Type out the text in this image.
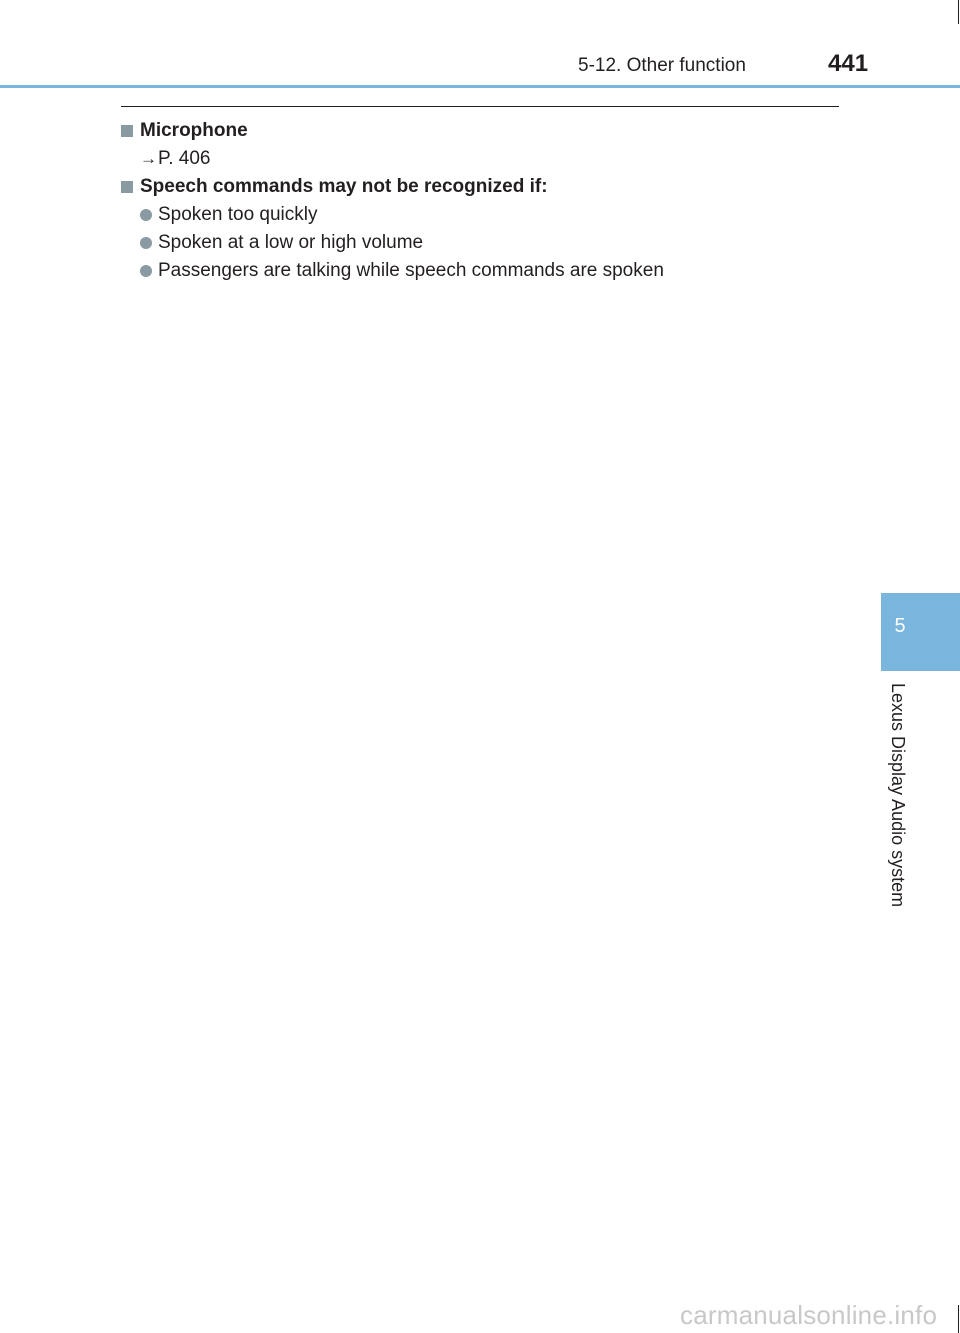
5-12. Other function	441
Microphone
→ P. 406
Speech commands may not be recognized if:
Spoken too quickly
Spoken at a low or high volume
Passengers are talking while speech commands are spoken
5
Lexus Display Audio system
carmanualsonline.info
